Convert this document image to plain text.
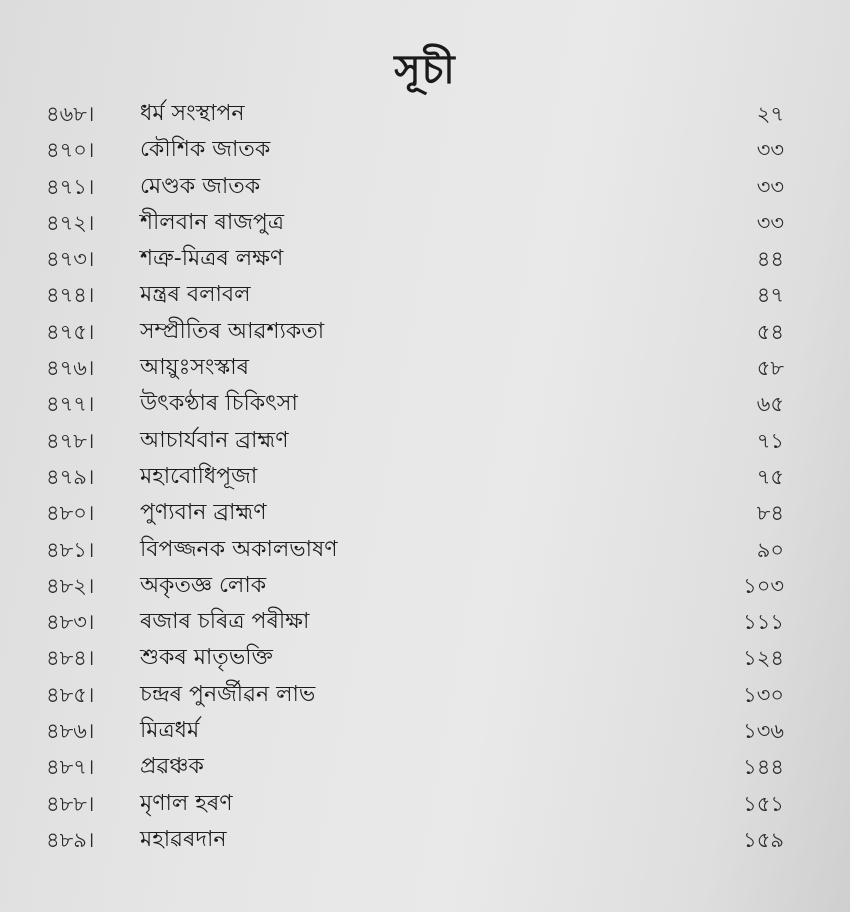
সূচী
৪৬৮। ধৰ্ম সংস্থাপন	২৭
৪৭০। কৌশিক জাতক	৩৩
৪৭১। মেণ্ডক জাতক	৩৩
৪৭২। শীলবান ৰাজপুত্ৰ	৩৩
৪৭৩। শত্ৰু-মিত্ৰৰ লক্ষণ	৪৪
৪৭৪। মন্ত্ৰৰ বলাবল	৪৭
৪৭৫। সম্প্ৰীতিৰ আৱশ্যকতা	৫৪
৪৭৬। আয়ুঃসংস্কাৰ	৫৮
৪৭৭। উৎকণ্ঠাৰ চিকিৎসা	৬৫
৪৭৮। আচাৰ্যবান ব্ৰাহ্মণ	৭১
৪৭৯। মহাবোধিপূজা	৭৫
৪৮০। পুণ্যবান ব্ৰাহ্মণ	৮৪
৪৮১। বিপজ্জনক অকালভাষণ	৯০
৪৮২। অকৃতজ্ঞ লোক	১০৩
৪৮৩। ৰজাৰ চৰিত্ৰ পৰীক্ষা	১১১
৪৮৪। শুকৰ মাতৃভক্তি	১২৪
৪৮৫। চন্দ্ৰৰ পুনৰ্জীৱন লাভ	১৩০
৪৮৬। মিত্ৰধৰ্ম	১৩৬
৪৮৭। প্ৰৱঞ্চক	১৪৪
৪৮৮। মৃণাল হৰণ	১৫১
৪৮৯। মহাৱৰদান	১৫৯
